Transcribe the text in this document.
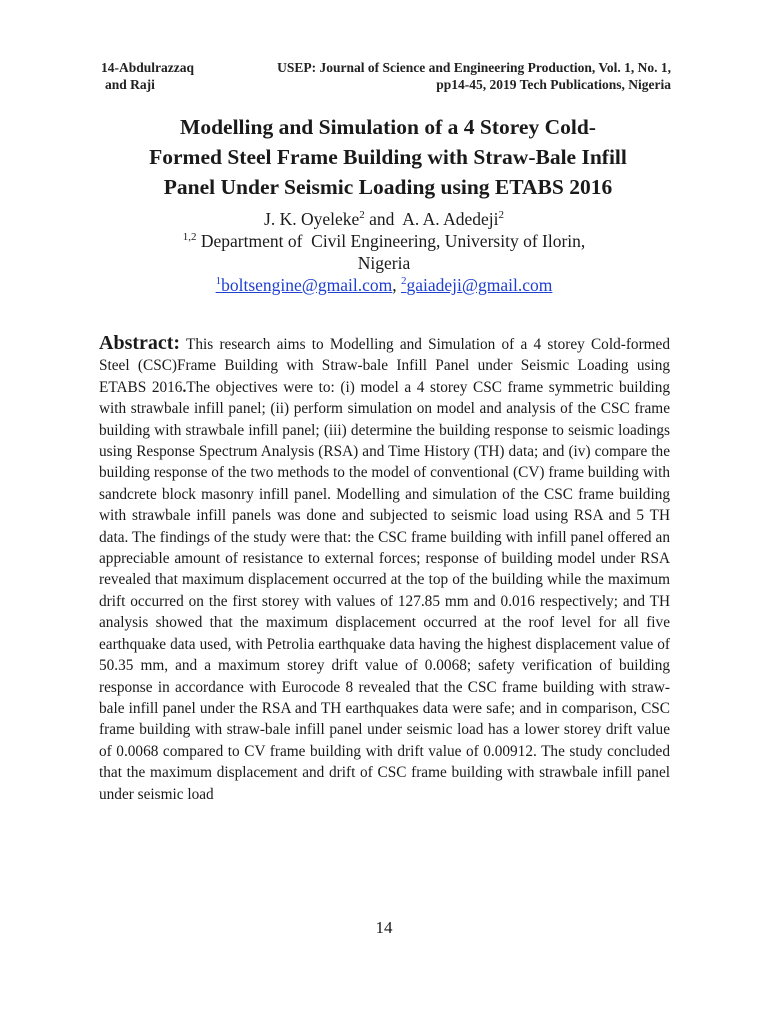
14-Abdulrazzaq
and Raji
USEP: Journal of Science and Engineering Production, Vol. 1, No. 1,
pp14-45, 2019 Tech Publications, Nigeria
Modelling and Simulation of a 4 Storey Cold-
Formed Steel Frame Building with Straw-Bale Infill
Panel Under Seismic Loading using ETABS 2016
J. K. Oyeleke$^2$ and  A. A. Adedeji$^2$
$^{1,2}$ Department of  Civil Engineering, University of Ilorin,
Nigeria
$^1$boltsengine@gmail.com, $^2$gaiadeji@gmail.com
Abstract: This research aims to Modelling and Simulation of a 4 storey Cold-formed Steel (CSC)Frame Building with Straw-bale Infill Panel under Seismic Loading using ETABS 2016.The objectives were to: (i) model a 4 storey CSC frame symmetric building with strawbale infill panel; (ii) perform simulation on model and analysis of the CSC frame building with strawbale infill panel; (iii) determine the building response to seismic loadings using Response Spectrum Analysis (RSA) and Time History (TH) data; and (iv) compare the building response of the two methods to the model of conventional (CV) frame building with sandcrete block masonry infill panel. Modelling and simulation of the CSC frame building with strawbale infill panels was done and subjected to seismic load using RSA and 5 TH data. The findings of the study were that: the CSC frame building with infill panel offered an appreciable amount of resistance to external forces; response of building model under RSA revealed that maximum displacement occurred at the top of the building while the maximum drift occurred on the first storey with values of 127.85 mm and 0.016 respectively; and TH analysis showed that the maximum displacement occurred at the roof level for all five earthquake data used, with Petrolia earthquake data having the highest displacement value of 50.35 mm, and a maximum storey drift value of 0.0068; safety verification of building response in accordance with Eurocode 8 revealed that the CSC frame building with straw-bale infill panel under the RSA and TH earthquakes data were safe; and in comparison, CSC frame building with straw-bale infill panel under seismic load has a lower storey drift value of 0.0068 compared to CV frame building with drift value of 0.00912. The study concluded that the maximum displacement and drift of CSC frame building with strawbale infill panel under seismic load
14
